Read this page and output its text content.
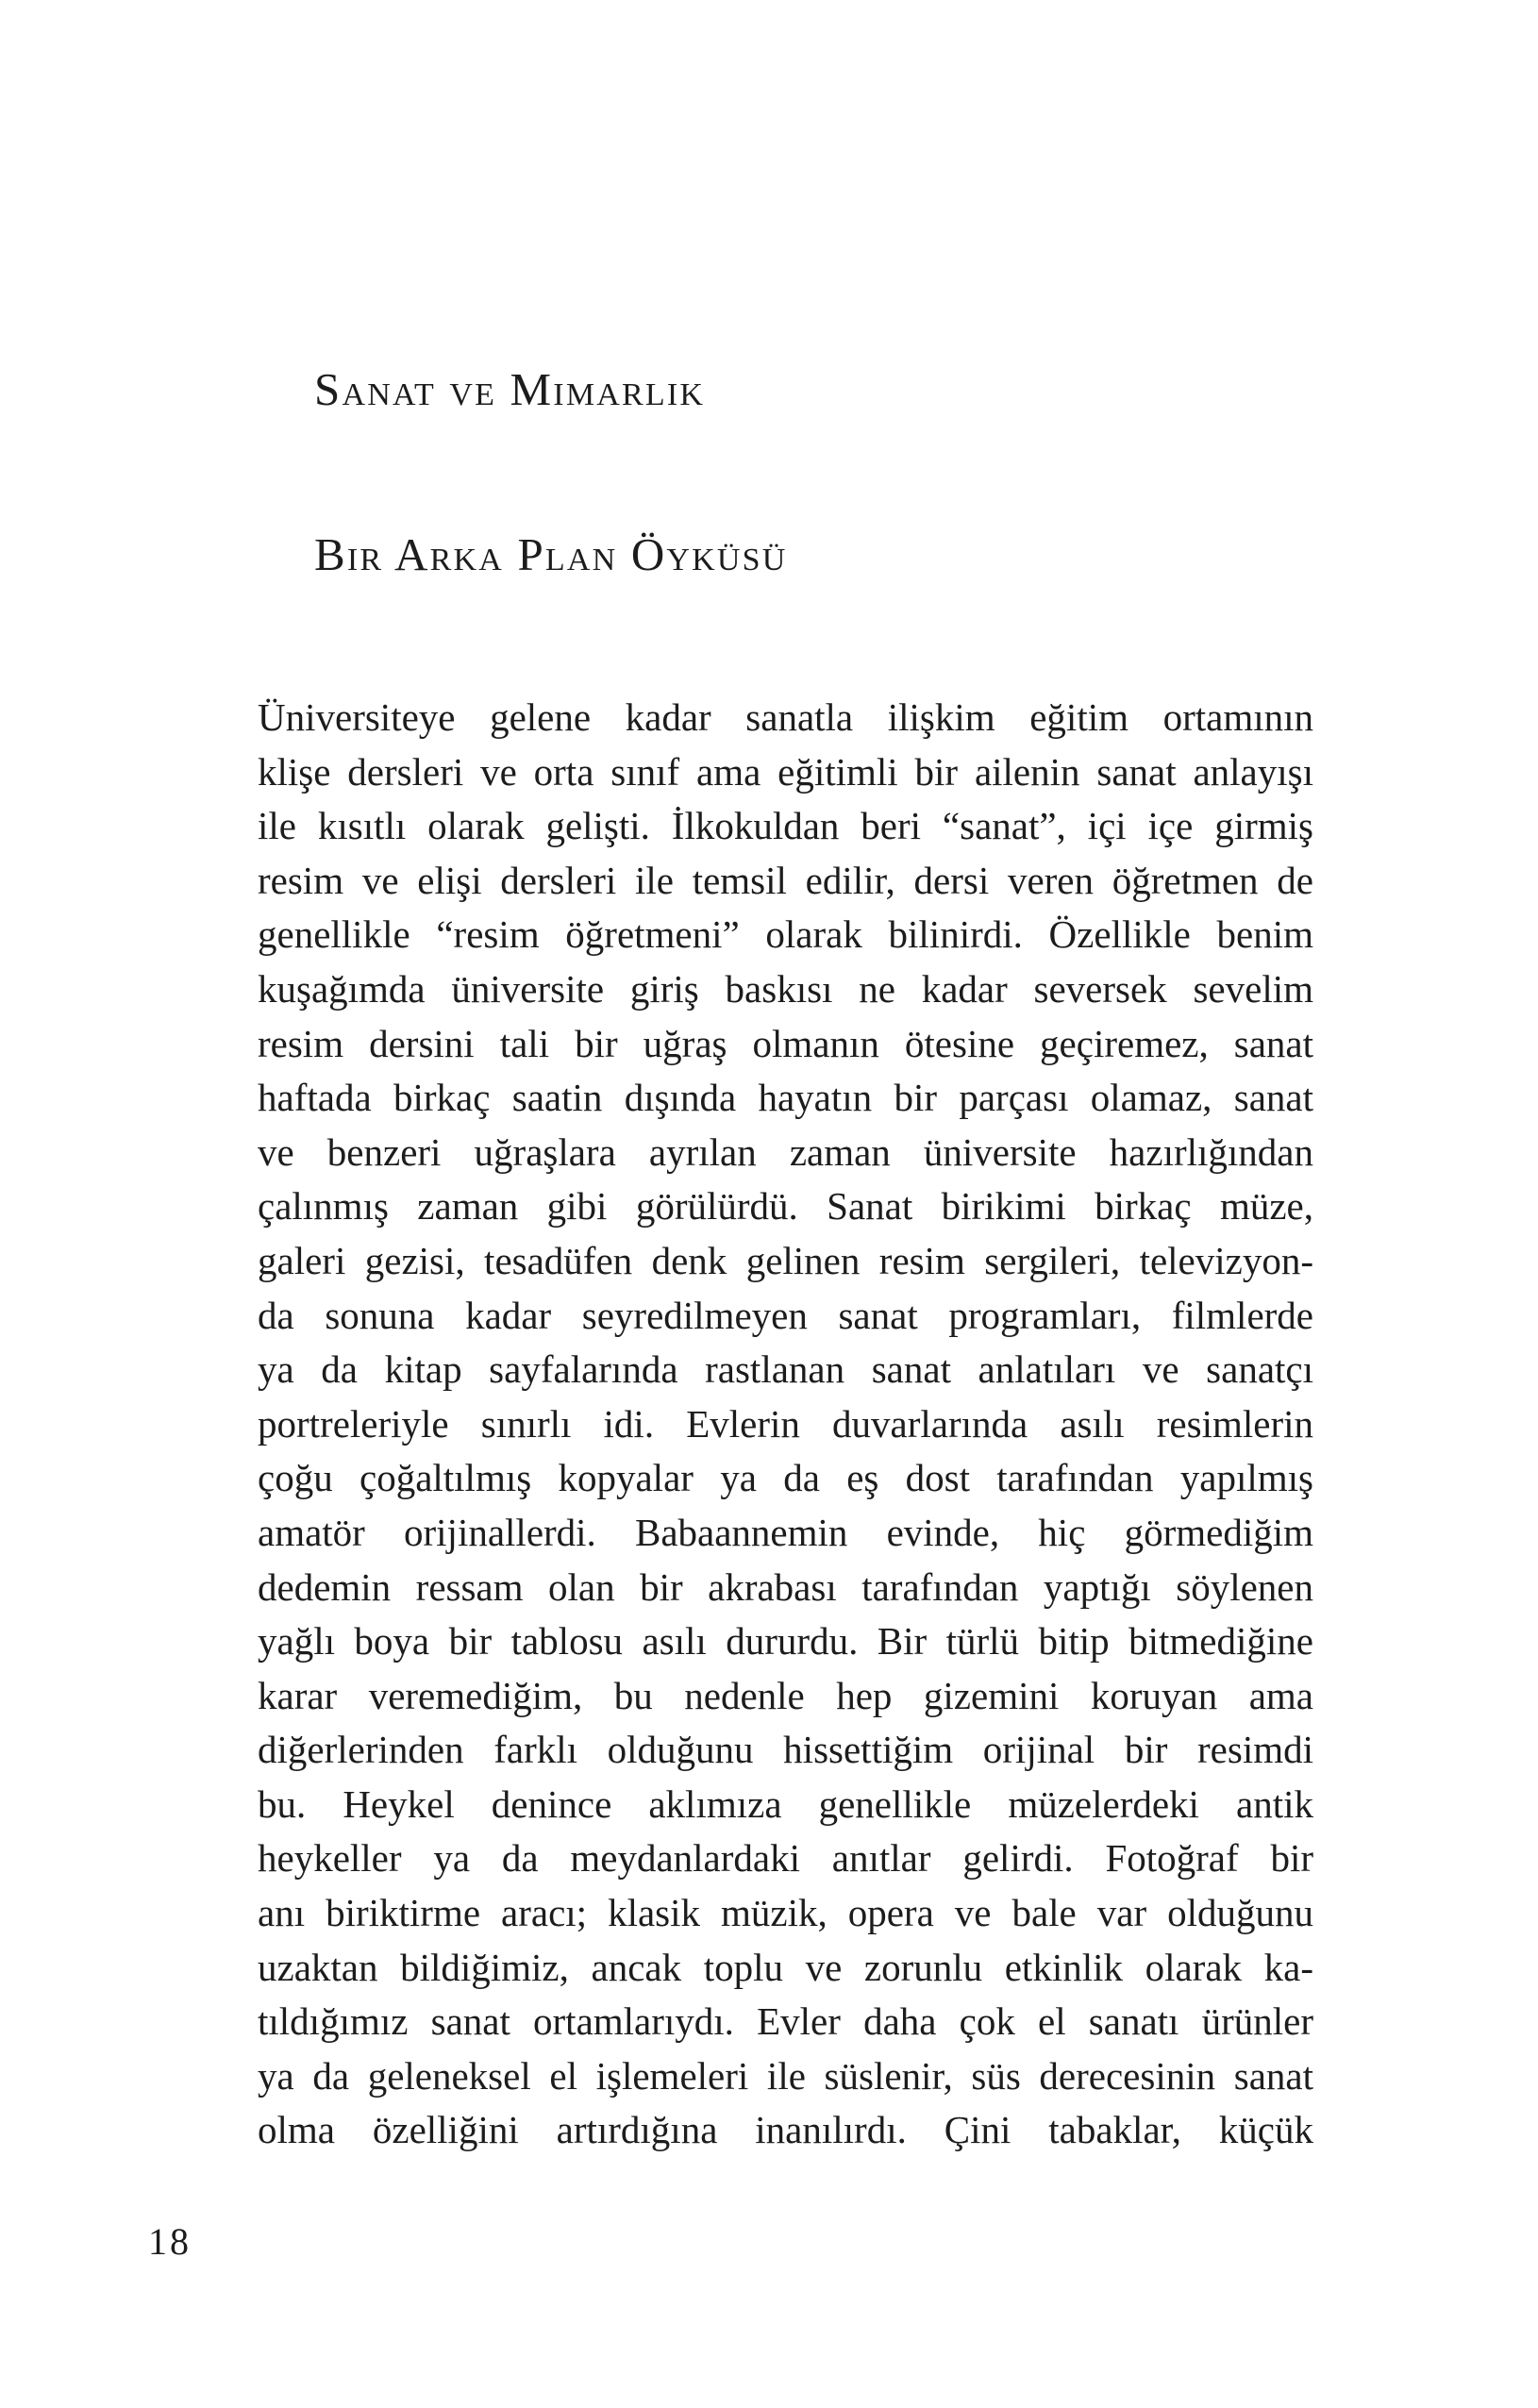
Sanat ve Mimarlık
Bir Arka Plan Öyküsü
Üniversiteye gelene kadar sanatla ilişkim eğitim ortamının
klişe dersleri ve orta sınıf ama eğitimli bir ailenin sanat anlayışı
ile kısıtlı olarak gelişti. İlkokuldan beri “sanat”, içi içe girmiş
resim ve elişi dersleri ile temsil edilir, dersi veren öğretmen de
genellikle “resim öğretmeni” olarak bilinirdi. Özellikle benim
kuşağımda üniversite giriş baskısı ne kadar seversek sevelim
resim dersini tali bir uğraş olmanın ötesine geçiremez, sanat
haftada birkaç saatin dışında hayatın bir parçası olamaz, sanat
ve benzeri uğraşlara ayrılan zaman üniversite hazırlığından
çalınmış zaman gibi görülürdü. Sanat birikimi birkaç müze,
galeri gezisi, tesadüfen denk gelinen resim sergileri, televizyon-
da sonuna kadar seyredilmeyen sanat programları, filmlerde
ya da kitap sayfalarında rastlanan sanat anlatıları ve sanatçı
portreleriyle sınırlı idi. Evlerin duvarlarında asılı resimlerin
çoğu çoğaltılmış kopyalar ya da eş dost tarafından yapılmış
amatör orijinallerdi. Babaannemin evinde, hiç görmediğim
dedemin ressam olan bir akrabası tarafından yaptığı söylenen
yağlı boya bir tablosu asılı dururdu. Bir türlü bitip bitmediğine
karar veremediğim, bu nedenle hep gizemini koruyan ama
diğerlerinden farklı olduğunu hissettiğim orijinal bir resimdi
bu. Heykel denince aklımıza genellikle müzelerdeki antik
heykeller ya da meydanlardaki anıtlar gelirdi. Fotoğraf bir
anı biriktirme aracı; klasik müzik, opera ve bale var olduğunu
uzaktan bildiğimiz, ancak toplu ve zorunlu etkinlik olarak ka-
tıldığımız sanat ortamlarıydı. Evler daha çok el sanatı ürünler
ya da geleneksel el işlemeleri ile süslenir, süs derecesinin sanat
olma özelliğini artırdığına inanılırdı. Çini tabaklar, küçük
18
